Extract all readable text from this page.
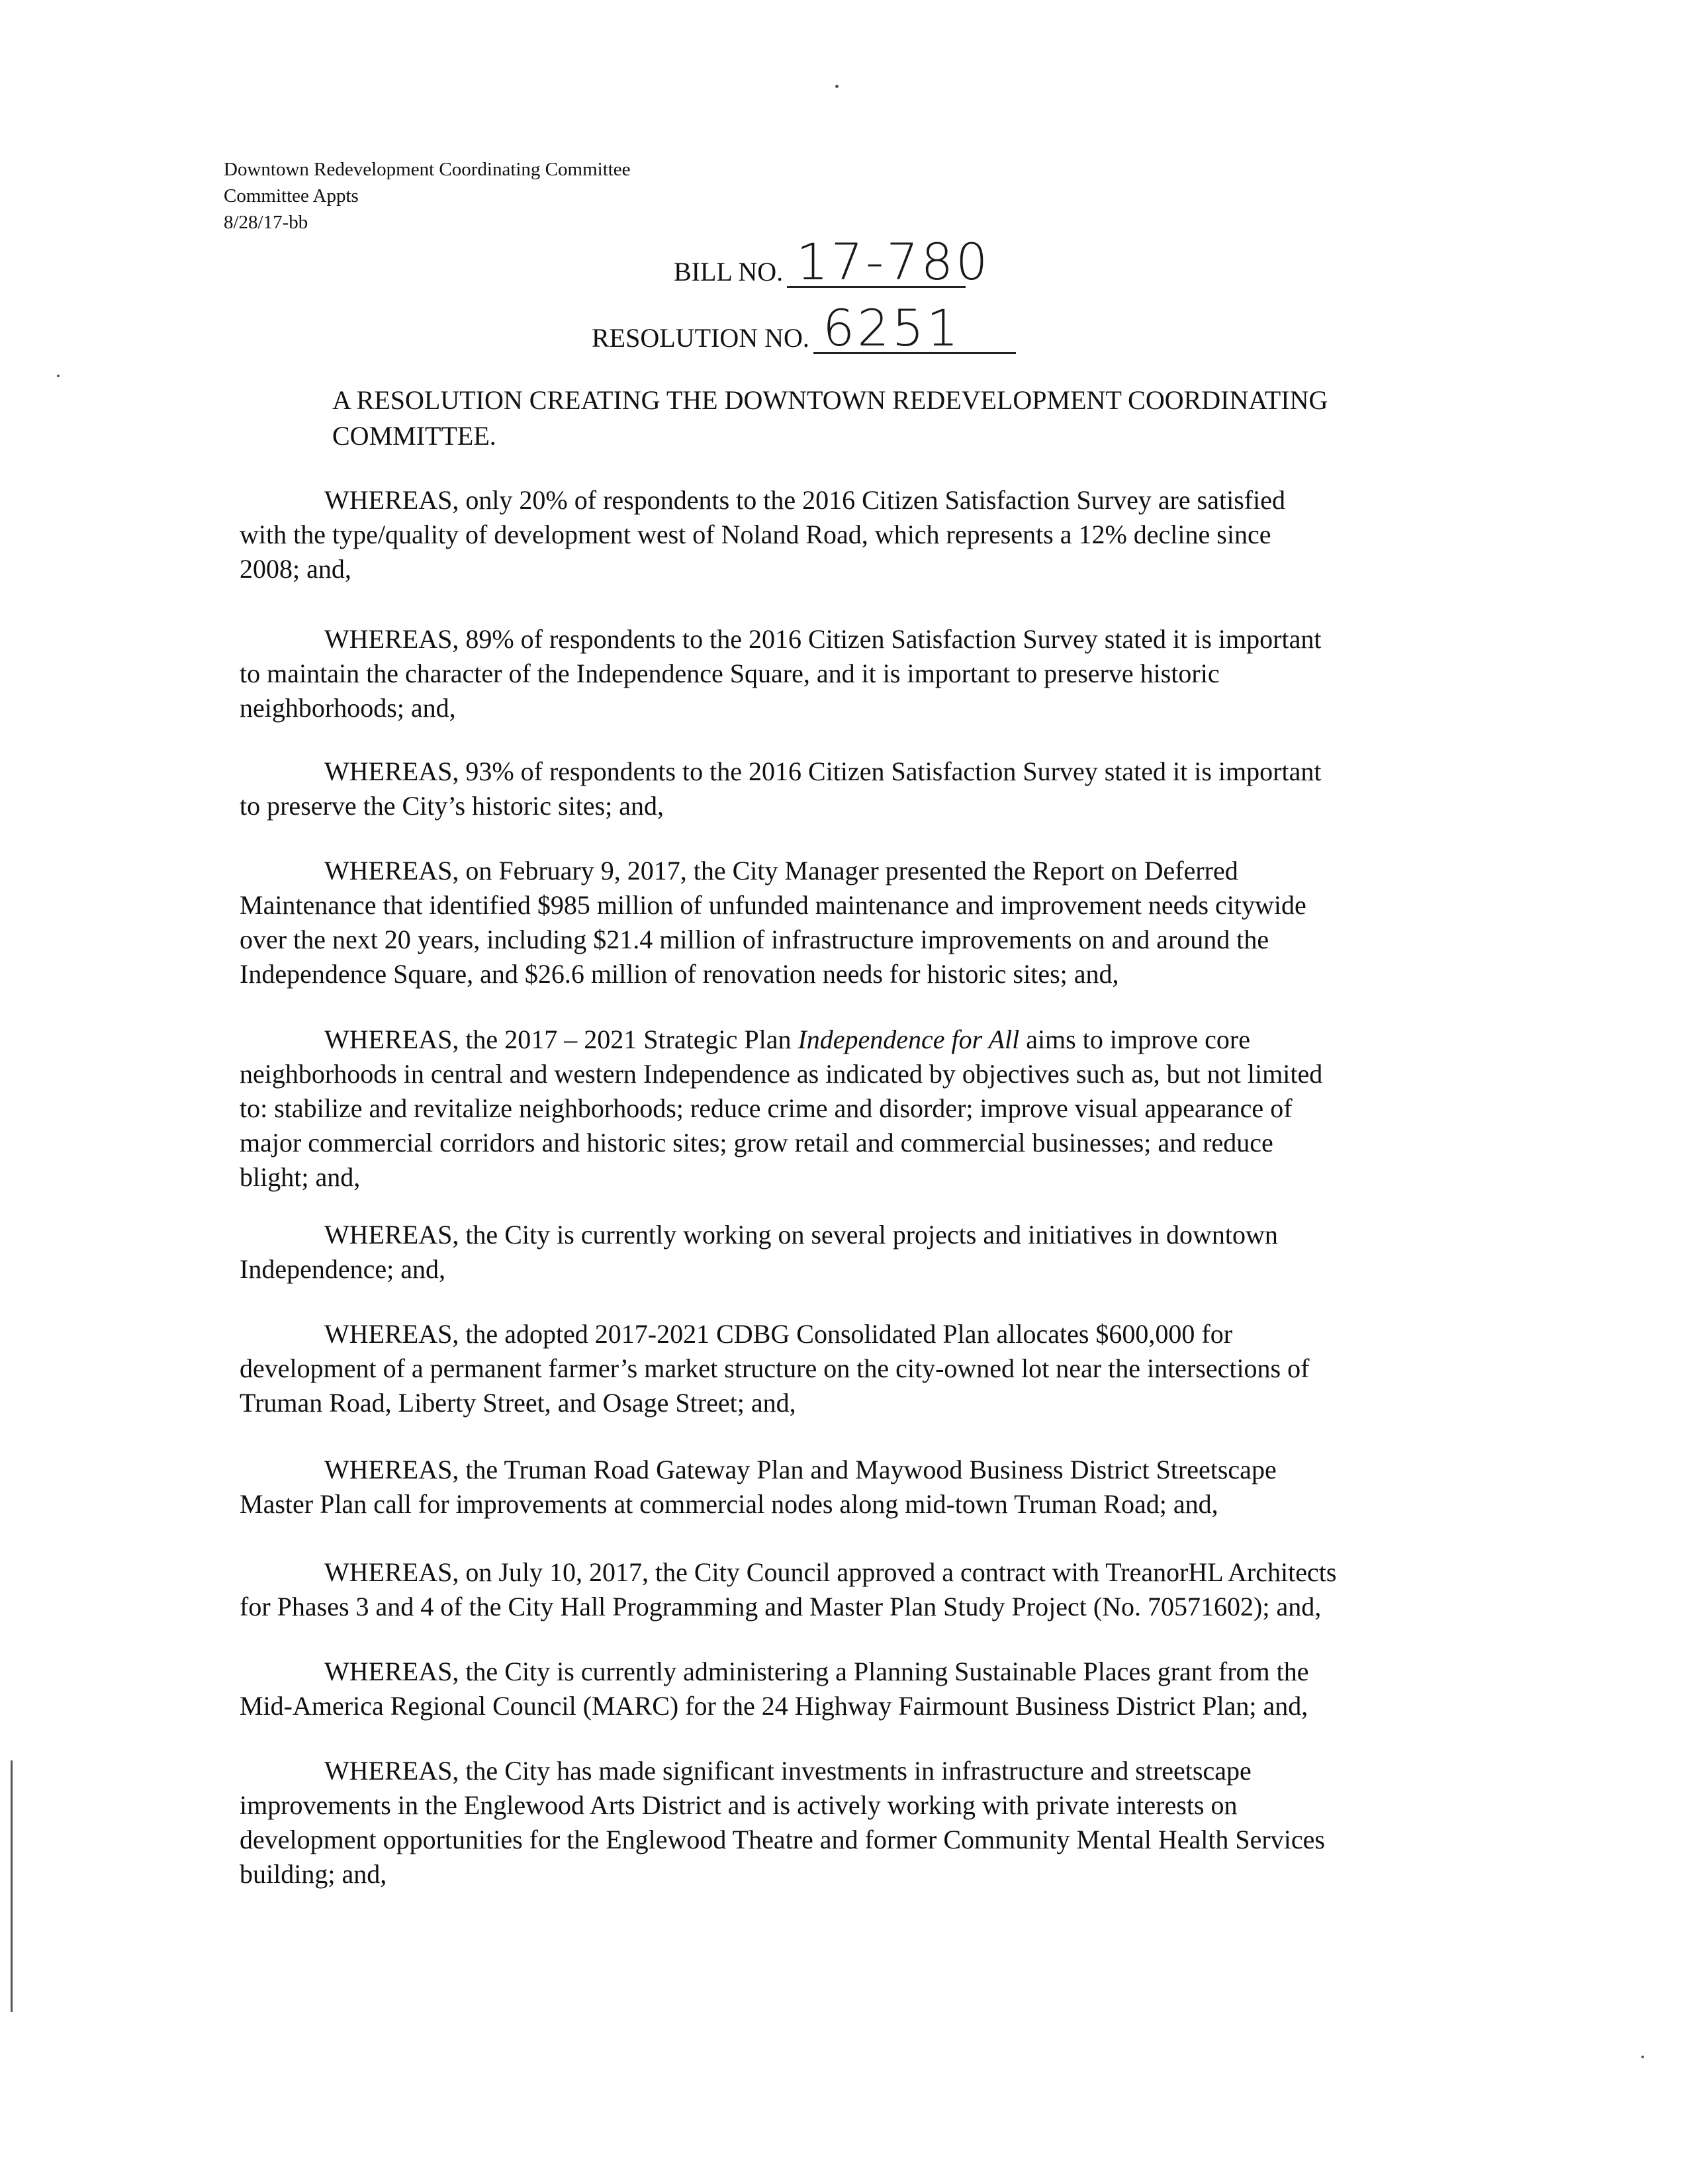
Downtown Redevelopment Coordinating Committee
Committee Appts
8/28/17-bb
BILL NO. 17-780
RESOLUTION NO. 6251
A RESOLUTION CREATING THE DOWNTOWN REDEVELOPMENT COORDINATING
COMMITTEE.
WHEREAS, only 20% of respondents to the 2016 Citizen Satisfaction Survey are satisfied
with the type/quality of development west of Noland Road, which represents a 12% decline since
2008; and,
WHEREAS, 89% of respondents to the 2016 Citizen Satisfaction Survey stated it is important
to maintain the character of the Independence Square, and it is important to preserve historic
neighborhoods; and,
WHEREAS, 93% of respondents to the 2016 Citizen Satisfaction Survey stated it is important
to preserve the City’s historic sites; and,
WHEREAS, on February 9, 2017, the City Manager presented the Report on Deferred
Maintenance that identified $985 million of unfunded maintenance and improvement needs citywide
over the next 20 years, including $21.4 million of infrastructure improvements on and around the
Independence Square, and $26.6 million of renovation needs for historic sites; and,
WHEREAS, the 2017 – 2021 Strategic Plan Independence for All aims to improve core
neighborhoods in central and western Independence as indicated by objectives such as, but not limited
to: stabilize and revitalize neighborhoods; reduce crime and disorder; improve visual appearance of
major commercial corridors and historic sites; grow retail and commercial businesses; and reduce
blight; and,
WHEREAS, the City is currently working on several projects and initiatives in downtown
Independence; and,
WHEREAS, the adopted 2017-2021 CDBG Consolidated Plan allocates $600,000 for
development of a permanent farmer’s market structure on the city-owned lot near the intersections of
Truman Road, Liberty Street, and Osage Street; and,
WHEREAS, the Truman Road Gateway Plan and Maywood Business District Streetscape
Master Plan call for improvements at commercial nodes along mid-town Truman Road; and,
WHEREAS, on July 10, 2017, the City Council approved a contract with TreanorHL Architects
for Phases 3 and 4 of the City Hall Programming and Master Plan Study Project (No. 70571602); and,
WHEREAS, the City is currently administering a Planning Sustainable Places grant from the
Mid-America Regional Council (MARC) for the 24 Highway Fairmount Business District Plan; and,
WHEREAS, the City has made significant investments in infrastructure and streetscape
improvements in the Englewood Arts District and is actively working with private interests on
development opportunities for the Englewood Theatre and former Community Mental Health Services
building; and,
